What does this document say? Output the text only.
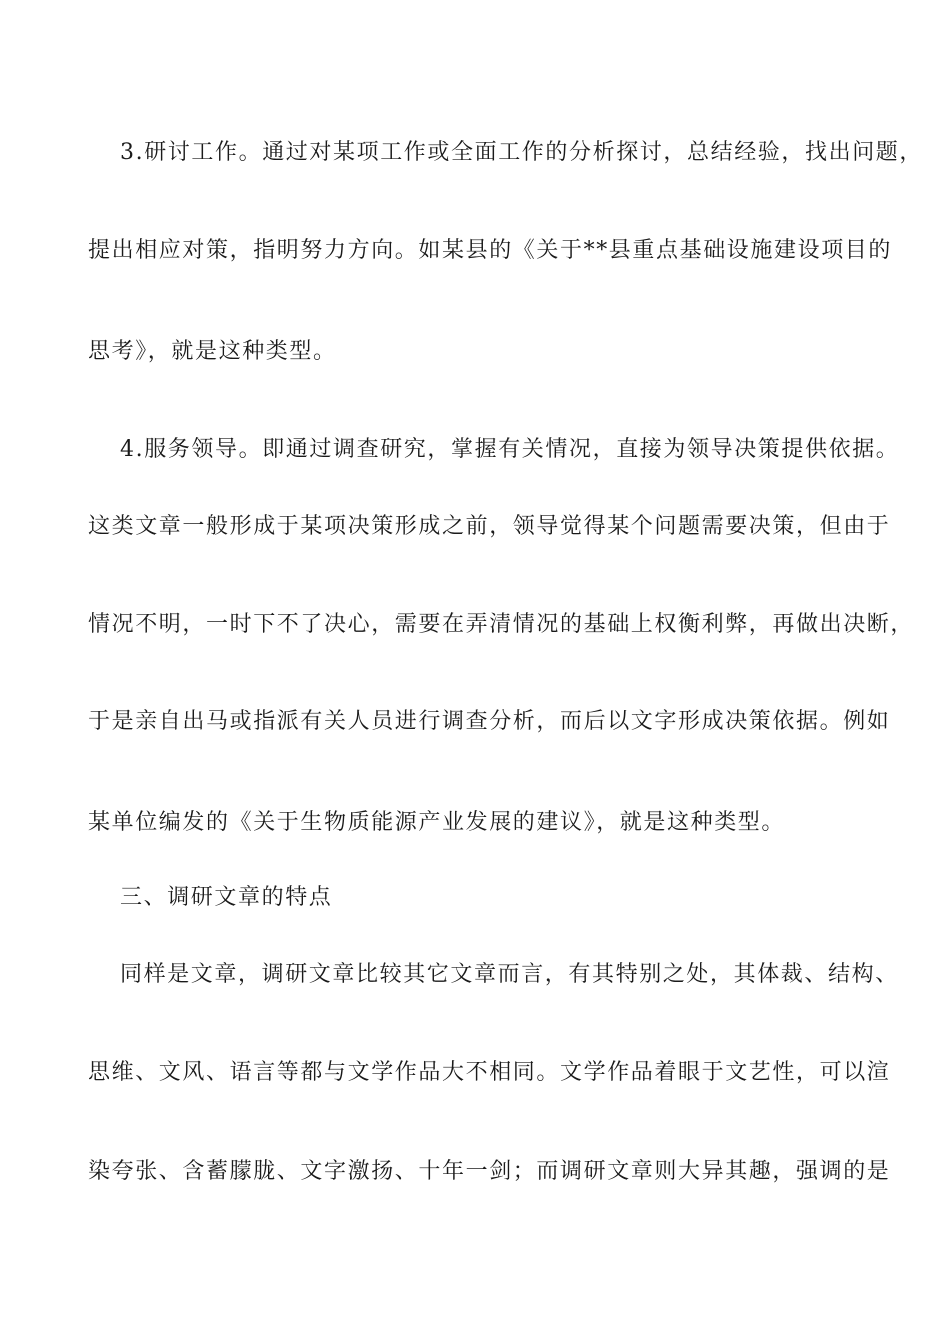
3.研讨工作。通过对某项工作或全面工作的分析探讨，总结经验，找出问题，
提出相应对策，指明努力方向。如某县的《关于**县重点基础设施建设项目的
思考》，就是这种类型。
4.服务领导。即通过调查研究，掌握有关情况，直接为领导决策提供依据。
这类文章一般形成于某项决策形成之前，领导觉得某个问题需要决策，但由于
情况不明，一时下不了决心，需要在弄清情况的基础上权衡利弊，再做出决断，
于是亲自出马或指派有关人员进行调查分析，而后以文字形成决策依据。例如
某单位编发的《关于生物质能源产业发展的建议》，就是这种类型。
三、调研文章的特点
同样是文章，调研文章比较其它文章而言，有其特别之处，其体裁、结构、
思维、文风、语言等都与文学作品大不相同。文学作品着眼于文艺性，可以渲
染夸张、含蓄朦胧、文字激扬、十年一剑；而调研文章则大异其趣，强调的是
